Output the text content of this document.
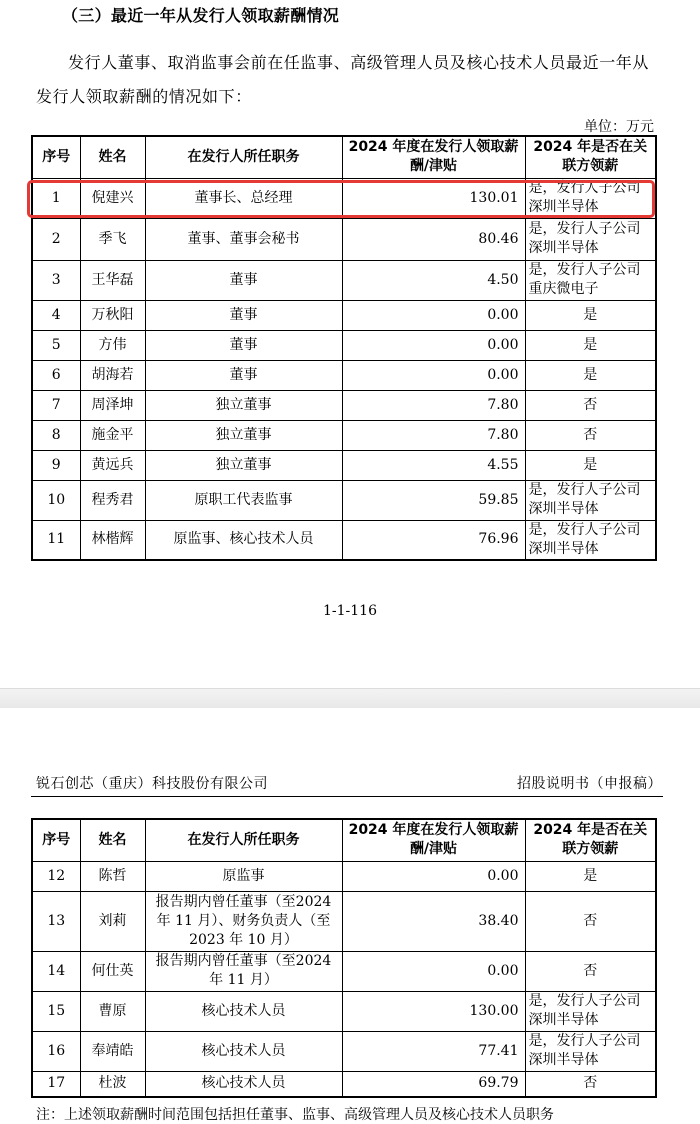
（三）最近一年从发行人领取薪酬情况
发行人董事、取消监事会前在任监事、高级管理人员及核心技术人员最近一年从发行人领取薪酬的情况如下：
单位：万元
序号	姓名	在发行人所任职务	2024 年度在发行人领取薪酬/津贴	2024 年是否在关联方领薪
1	倪建兴	董事长、总经理	130.01	是，发行人子公司深圳半导体
2	季飞	董事、董事会秘书	80.46	是，发行人子公司深圳半导体
3	王华磊	董事	4.50	是，发行人子公司重庆微电子
4	万秋阳	董事	0.00	是
5	方伟	董事	0.00	是
6	胡海若	董事	0.00	是
7	周泽坤	独立董事	7.80	否
8	施金平	独立董事	7.80	否
9	黄远兵	独立董事	4.55	是
10	程秀君	原职工代表监事	59.85	是，发行人子公司深圳半导体
11	林楷辉	原监事、核心技术人员	76.96	是，发行人子公司深圳半导体
1-1-116
锐石创芯（重庆）科技股份有限公司	招股说明书（申报稿）
序号	姓名	在发行人所任职务	2024 年度在发行人领取薪酬/津贴	2024 年是否在关联方领薪
12	陈哲	原监事	0.00	是
13	刘莉	报告期内曾任董事（至2024 年 11 月）、财务负责人（至 2023 年 10 月）	38.40	否
14	何仕英	报告期内曾任董事（至2024 年 11 月）	0.00	否
15	曹原	核心技术人员	130.00	是，发行人子公司深圳半导体
16	奉靖皓	核心技术人员	77.41	是，发行人子公司深圳半导体
17	杜波	核心技术人员	69.79	否
注：上述领取薪酬时间范围包括担任董事、监事、高级管理人员及核心技术人员职务
